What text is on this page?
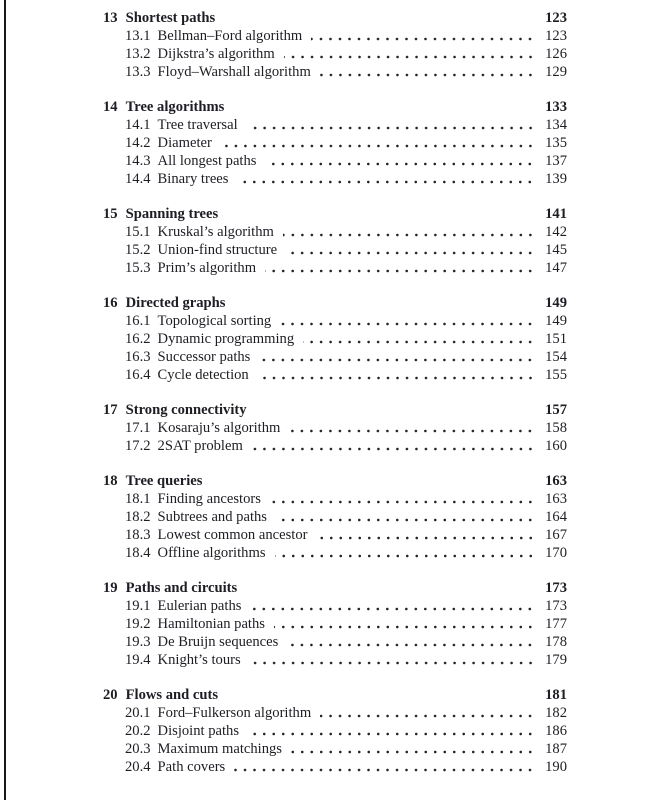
13 Shortest paths	123
13.1 Bellman–Ford algorithm	123
13.2 Dijkstra’s algorithm	126
13.3 Floyd–Warshall algorithm	129
14 Tree algorithms	133
14.1 Tree traversal	134
14.2 Diameter	135
14.3 All longest paths	137
14.4 Binary trees	139
15 Spanning trees	141
15.1 Kruskal’s algorithm	142
15.2 Union-find structure	145
15.3 Prim’s algorithm	147
16 Directed graphs	149
16.1 Topological sorting	149
16.2 Dynamic programming	151
16.3 Successor paths	154
16.4 Cycle detection	155
17 Strong connectivity	157
17.1 Kosaraju’s algorithm	158
17.2 2SAT problem	160
18 Tree queries	163
18.1 Finding ancestors	163
18.2 Subtrees and paths	164
18.3 Lowest common ancestor	167
18.4 Offline algorithms	170
19 Paths and circuits	173
19.1 Eulerian paths	173
19.2 Hamiltonian paths	177
19.3 De Bruijn sequences	178
19.4 Knight’s tours	179
20 Flows and cuts	181
20.1 Ford–Fulkerson algorithm	182
20.2 Disjoint paths	186
20.3 Maximum matchings	187
20.4 Path covers	190
